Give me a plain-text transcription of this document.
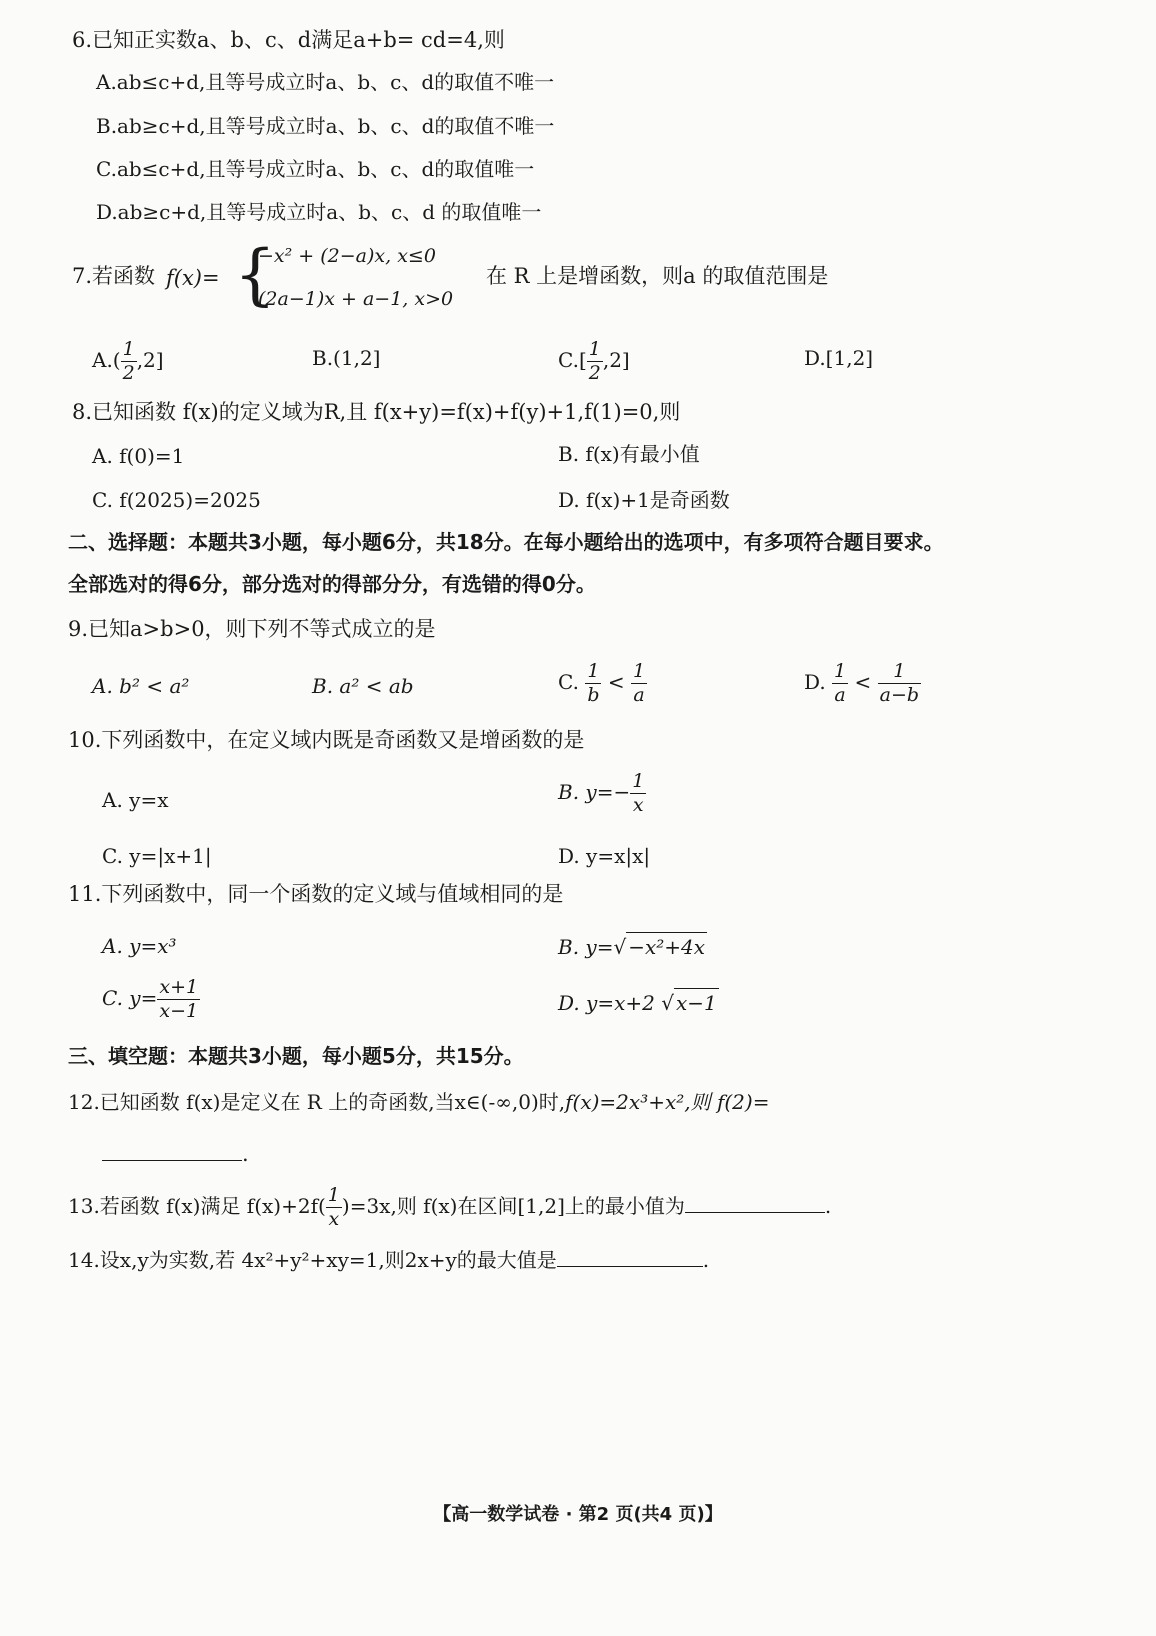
6.已知正实数a、b、c、d满足a+b= cd=4,则
A.ab≤c+d,且等号成立时a、b、c、d的取值不唯一
B.ab≥c+d,且等号成立时a、b、c、d的取值不唯一
C.ab≤c+d,且等号成立时a、b、c、d的取值唯一
D.ab≥c+d,且等号成立时a、b、c、d 的取值唯一
7.若函数 f(x)= {
−x² + (2−a)x, x≤0
(2a−1)x + a−1, x>0
在 R 上是增函数，则a 的取值范围是
$A.( \frac{1}{2} ,2]$	B.(1,2]	$C.[ \frac{1}{2} ,2]$	D.[1,2]
8.已知函数 f(x)的定义域为R,且 f(x+y)=f(x)+f(y)+1,f(1)=0,则
A. f(0)=1	B. f(x)有最小值
C. f(2025)=2025	D. f(x)+1是奇函数
二、选择题：本题共3小题，每小题6分，共18分。在每小题给出的选项中，有多项符合题目要求。
全部选对的得6分，部分选对的得部分分，有选错的得0分。
9.已知a>b>0，则下列不等式成立的是
A. b² < a²	B. a² < ab	C. $\frac{1}{b} < \frac{1}{a}$	D. $\frac{1}{a} < \frac{1}{a-b}$
10.下列函数中，在定义域内既是奇函数又是增函数的是
A. y=x	B. $y=- \frac{1}{x}$
C. y=|x+1|	D. y=x|x|
11.下列函数中，同一个函数的定义域与值域相同的是
A. y=x³	B. y=√ −x²+4x
C. $y= \frac{x+1}{x-1}$	D. y=x+2 √ x−1
三、填空题：本题共3小题，每小题5分，共15分。
12.已知函数 f(x)是定义在 R 上的奇函数,当x∈(-∞,0)时,f(x)=2x³+x²,则 f(2)=
.
13.若函数 f(x)满足 $f(x)+2f( \frac{1}{x} )=3x$,则 f(x)在区间[1,2]上的最小值为	.
14.设x,y为实数,若 4x²+y²+xy=1,则2x+y的最大值是	.
【高一数学试卷 · 第2 页(共4 页)】
